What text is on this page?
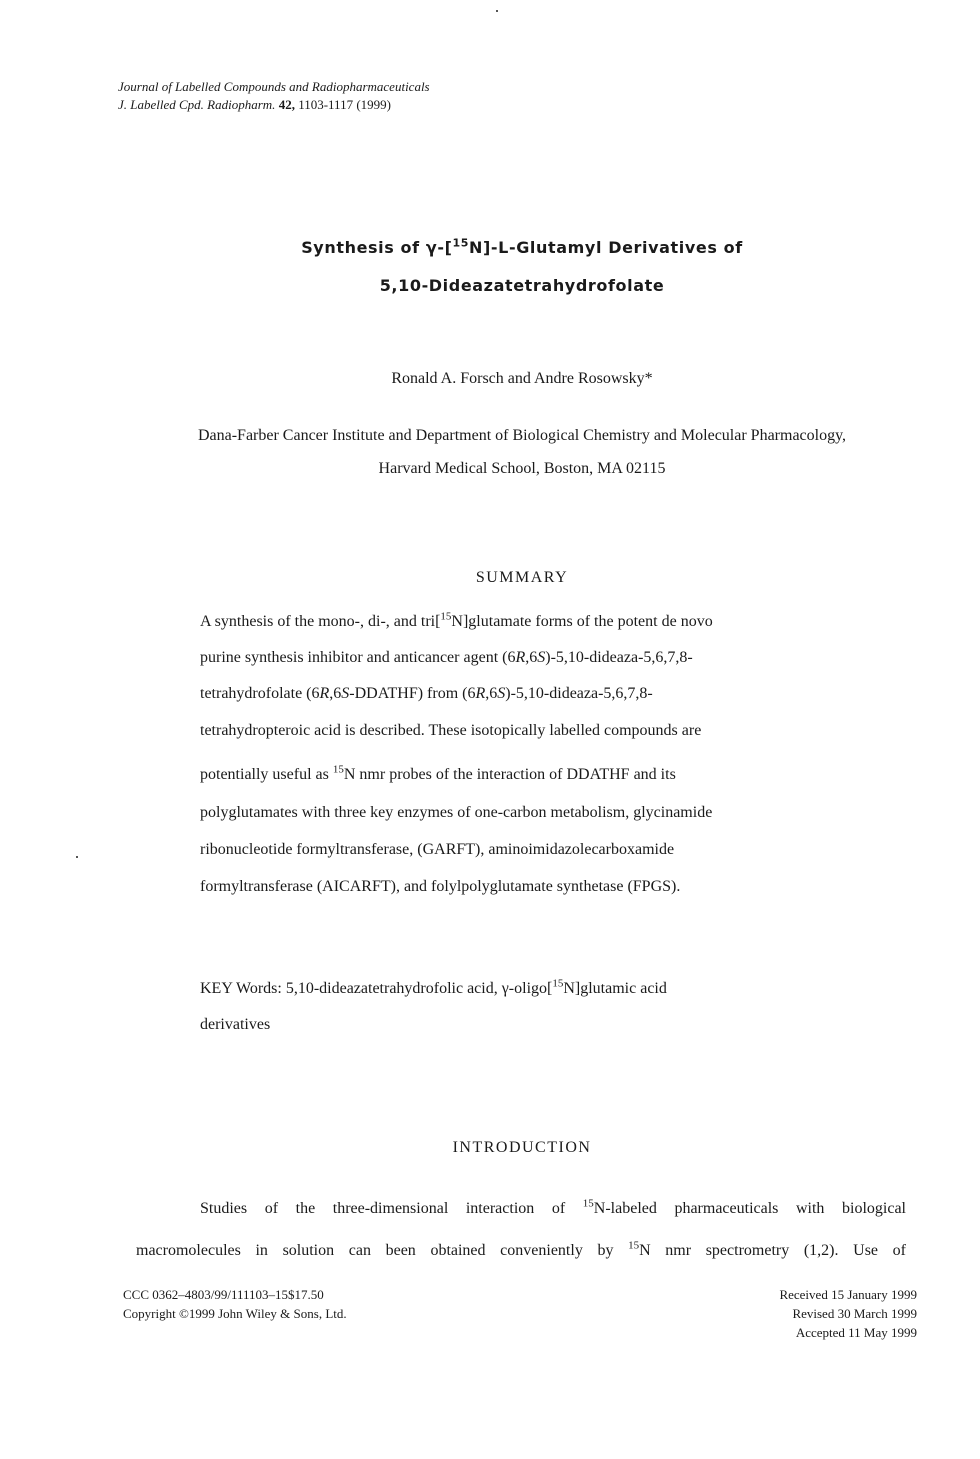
Journal of Labelled Compounds and Radiopharmaceuticals
J. Labelled Cpd. Radiopharm. 42, 1103-1117 (1999)
Synthesis of γ-[$^{15}$N]-L-Glutamyl Derivatives of
5,10-Dideazatetrahydrofolate
Ronald A. Forsch and Andre Rosowsky*
Dana-Farber Cancer Institute and Department of Biological Chemistry and Molecular Pharmacology,
Harvard Medical School, Boston, MA 02115
SUMMARY
A synthesis of the mono-, di-, and tri[$^{15}$N]glutamate forms of the potent de novo
purine synthesis inhibitor and anticancer agent (6R,6S)-5,10-dideaza-5,6,7,8-
tetrahydrofolate (6R,6S-DDATHF) from (6R,6S)-5,10-dideaza-5,6,7,8-
tetrahydropteroic acid is described. These isotopically labelled compounds are
potentially useful as $^{15}$N nmr probes of the interaction of DDATHF and its
polyglutamates with three key enzymes of one-carbon metabolism, glycinamide
ribonucleotide formyltransferase, (GARFT), aminoimidazolecarboxamide
formyltransferase (AICARFT), and folylpolyglutamate synthetase (FPGS).
KEY Words: 5,10-dideazatetrahydrofolic acid, γ-oligo[$^{15}$N]glutamic acid
derivatives
INTRODUCTION
Studies of the three-dimensional interaction of $^{15}$N-labeled pharmaceuticals with biological
macromolecules in solution can been obtained conveniently by $^{15}$N nmr spectrometry (1,2). Use of
CCC 0362–4803/99/111103–15$17.50
Copyright ©1999 John Wiley & Sons, Ltd.
Received 15 January 1999
Revised 30 March 1999
Accepted 11 May 1999
